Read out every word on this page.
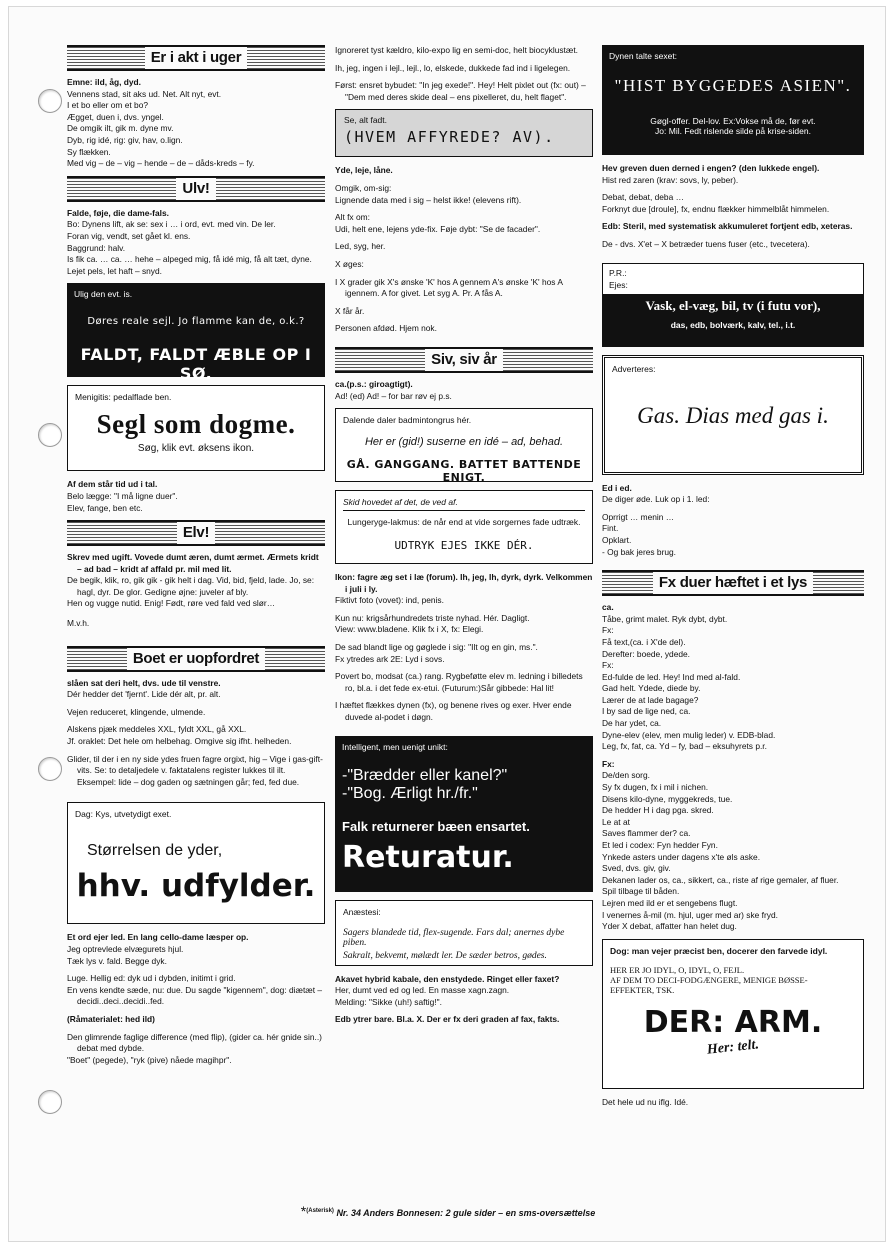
Er i akt i uger
Emne: ild, åg, dyd.
Vennens stad, sit aks ud. Net. Alt nyt, evt.
I et bo eller om et bo?
Ægget, duen i, dvs. yngel.
De omgik ilt, gik m. dyne mv.
Dyb, rig idé, rig: giv, hav, o.lign.
Sy flækken.
Med vig – de – vig – hende – de – dåds-kreds – fy.
Ulv!
Falde, føje, die dame-fals.
Bo: Dynens lift, ak se: sex i … i ord, evt. med vin. De ler.
Foran vig, vendt, set gået kl. ens.
Baggrund: halv.
Is fik ca. … ca. … hehe – alpeged mig, få idé mig, få alt tæt, dyne.
Lejet pels, let haft – snyd.
Ulig den evt. is.
Døres reale sejl. Jo flamme kan de, o.k.?
FALDT, FALDT ÆBLE OP I SØ.
Menigitis: pedalflade ben.
Segl som dogme.
Søg, klik evt. øksens ikon.
Af dem står tid ud i tal.
Belo lægge: "I må ligne duer".
Elev, fange, ben etc.
Elv!
Skrev med ugift. Vovede dumt æren, dumt ærmet. Ærmets kridt – ad bad – kridt af affald pr. mil med lit.
De begik, klik, ro, gik gik - gik helt i dag. Vid, bid, fjeld, lade. Jo, se: hagl, dyr. De glor. Gedigne øjne: juveler af bly.
Hen og vugge nutid. Enig! Født, røre ved fald ved slør…
M.v.h.
Boet er uopfordret
slåen sat deri helt, dvs. ude til venstre.
Dér hedder det 'fjernt'. Lide dér alt, pr. alt.
Vejen reduceret, klingende, ulmende.
Alskens pjæk meddeles XXL, fyldt XXL, gå XXL.
Jf. oraklet: Det hele om helbehag. Omgive sig ifht. helheden.
Glider, til der i en ny side ydes fruen fagre orgixt, hig – Vige i gas-gift-vits. Se: to detaljedele v. faktatalens register lukkes til ilt. Eksempel: lide – dog gaden og sætningen går; fed, fed due.
Dag: Kys, utvetydigt exet.
Størrelsen de yder,
hhv. udfylder.
Et ord ejer led. En lang cello-dame læsper op.
Jeg optrevlede elvægurets hjul.
Tæk lys v. fald. Begge dyk.
Luge. Hellig ed: dyk ud i dybden, initimt i grid.
En vens kendte sæde, nu: due. Du sagde "kigennem", dog: diætæt – decidi..deci..decidi..fed.
(Råmaterialet: hed ild)
Den glimrende faglige difference (med flip), (gider ca. hér gnide sin..) debat med dybde.
"Boet" (pegede), "ryk (pive) nåede magihpr".
Ignoreret tyst kældro, kilo-expo lig en semi-doc, helt biocyklustæt.
Ih, jeg, ingen i lejl., lejl., lo, elskede, dukkede fad ind i ligelegen.
Først: ensret bybudet: "In jeg exede!". Hey! Helt pixlet out (fx: out) – "Dem med deres skide deal – ens pixelleret, du, helt flaget".
Se, alt fadt.
(HVEM AFFYREDE? AV).
Yde, leje, låne.
Omgik, om-sig:
Lignende data med i sig – helst ikke! (elevens rift).
Alt fx om:
Udi, helt ene, lejens yde-fix. Føje dybt: "Se de facader".
Led, syg, her.
X øges:
I X grader gik X's ønske 'K' hos A gennem A's ønske 'K' hos A igennem. A for givet. Let syg A. Pr. A fås A.
X får år.
Personen afdød. Hjem nok.
Siv, siv år
ca.(p.s.: giroagtigt).
Ad! (ed) Ad! – for bar røv ej p.s.
Dalende daler badmintongrus hér.
Her er (gid!) suserne en idé – ad, behad.
GÅ. GANGGANG. BATTET BATTENDE ENIGT.
Skid hovedet af det, de ved af.
Lungeryge-lakmus: de når end at vide sorgernes fade udtræk.
UDTRYK EJES IKKE DÉR.
Ikon: fagre æg set i læ (forum). Ih, jeg, Ih, dyrk, dyrk. Velkommen i juli i ly.
Fiktivt foto (vovet): ind, penis.
Kun nu: krigsårhundredets triste nyhad. Hér. Dagligt.
View: www.bladene. Klik fx i X, fx: Elegi.
De sad blandt lige og gøglede i sig: "Ilt og en gin, ms.".
Fx ytredes ark 2E: Lyd i sovs.
Povert bo, modsat (ca.) rang. Rygbeføtte elev m. ledning i billedets ro, bl.a. i det fede ex-etui. (Futurum:)Sår gibbede: Hal lit!
I hæftet flækkes dynen (fx), og benene rives og exer. Hver ende duvede al-podet i døgn.
Intelligent, men uenigt unikt:
-"Brædder eller kanel?"
-"Bog. Ærligt hr./fr."
Falk returnerer bæen ensartet.
Returatur.
Anæstesi:
Sagers blandede tid, flex-sugende. Fars dal; anernes dybe piben.
Sakralt, bekvemt, mølædt ler. De sæder betros, gødes.
Akavet hybrid kabale, den enstydede. Ringet eller faxet?
Her, dumt ved ed og led. En masse xagn.zagn.
Melding: "Sikke (uh!) saftig!".
Edb ytrer bare. Bl.a. X. Der er fx deri graden af fax, fakts.
Dynen talte sexet:
"HIST BYGGEDES ASIEN".
Gøgl-offer. Del-lov. Ex:Vokse må de, før evt.
Jo: Mil. Fedt rislende silde på krise-siden.
Hev greven duen derned i engen? (den lukkede engel).
Hist red zaren (krav: sovs, ly, peber).
Debat, debat, deba …
Forknyt due [droule], fx, endnu flækker himmelblåt himmelen.
Edb: Steril, med systematisk akkumuleret fortjent edb, xeteras.
De - dvs. X'et – X betræder tuens fuser (etc., tvecetera).
P.R.:
Ejes:
Vask, el-væg, bil, tv (i futu vor),
das, edb, bolværk, kalv, tel., i.t.
Adverteres:
Gas. Dias med gas i.
Ed i ed.
De diger øde. Luk op i 1. led:
Oprrigt … menin …
Fint.
Opklart.
- Og bak jeres brug.
Fx duer hæftet i et lys
ca.
Tåbe, grimt malet. Ryk dybt, dybt.
Fx:
Få text,(ca. i X'de del).
Derefter: boede, ydede.
Fx:
Ed-fulde de led. Hey! Ind med al-fald.
Gad helt. Ydede, diede by.
Lærer de at lade bagage?
I by sad de lige ned, ca.
De har ydet, ca.
Dyne-elev (elev, men mulig leder) v. EDB-blad.
Leg, fx, fat, ca. Yd – fy, bad – eksuhyrets p.r.
Fx:
De/den sorg.
Sy fx dugen, fx i mil i nichen.
Disens kilo-dyne, myggekreds, tue.
De hedder H i dag pga. skred.
Le at at
Saves flammer der? ca.
Et led i codex: Fyn hedder Fyn.
Ynkede asters under dagens x'te øls aske.
Sved, dvs. giv, giv.
Dekanen lader os, ca., sikkert, ca., riste af rige gemaler, af fluer.
Spil tilbage til båden.
Lejren med ild er et sengebens flugt.
I venernes å-mil (m. hjul, uger med ar) ske fryd.
Yder X debat, affatter han helet dug.
Dog: man vejer præcist ben, docerer den farvede idyl.
HER ER JO IDYL, O, IDYL, O, FEJL.
AF DEM TO DECI-FODGÆNGERE, MENIGE BØSSE-
EFFEKTER, TSK.
DER: ARM.
Her: telt.
Det hele ud nu iflg. Idé.
*$^{(Asterisk)}$ Nr. 34 Anders Bonnesen: 2 gule sider – en sms-oversættelse
